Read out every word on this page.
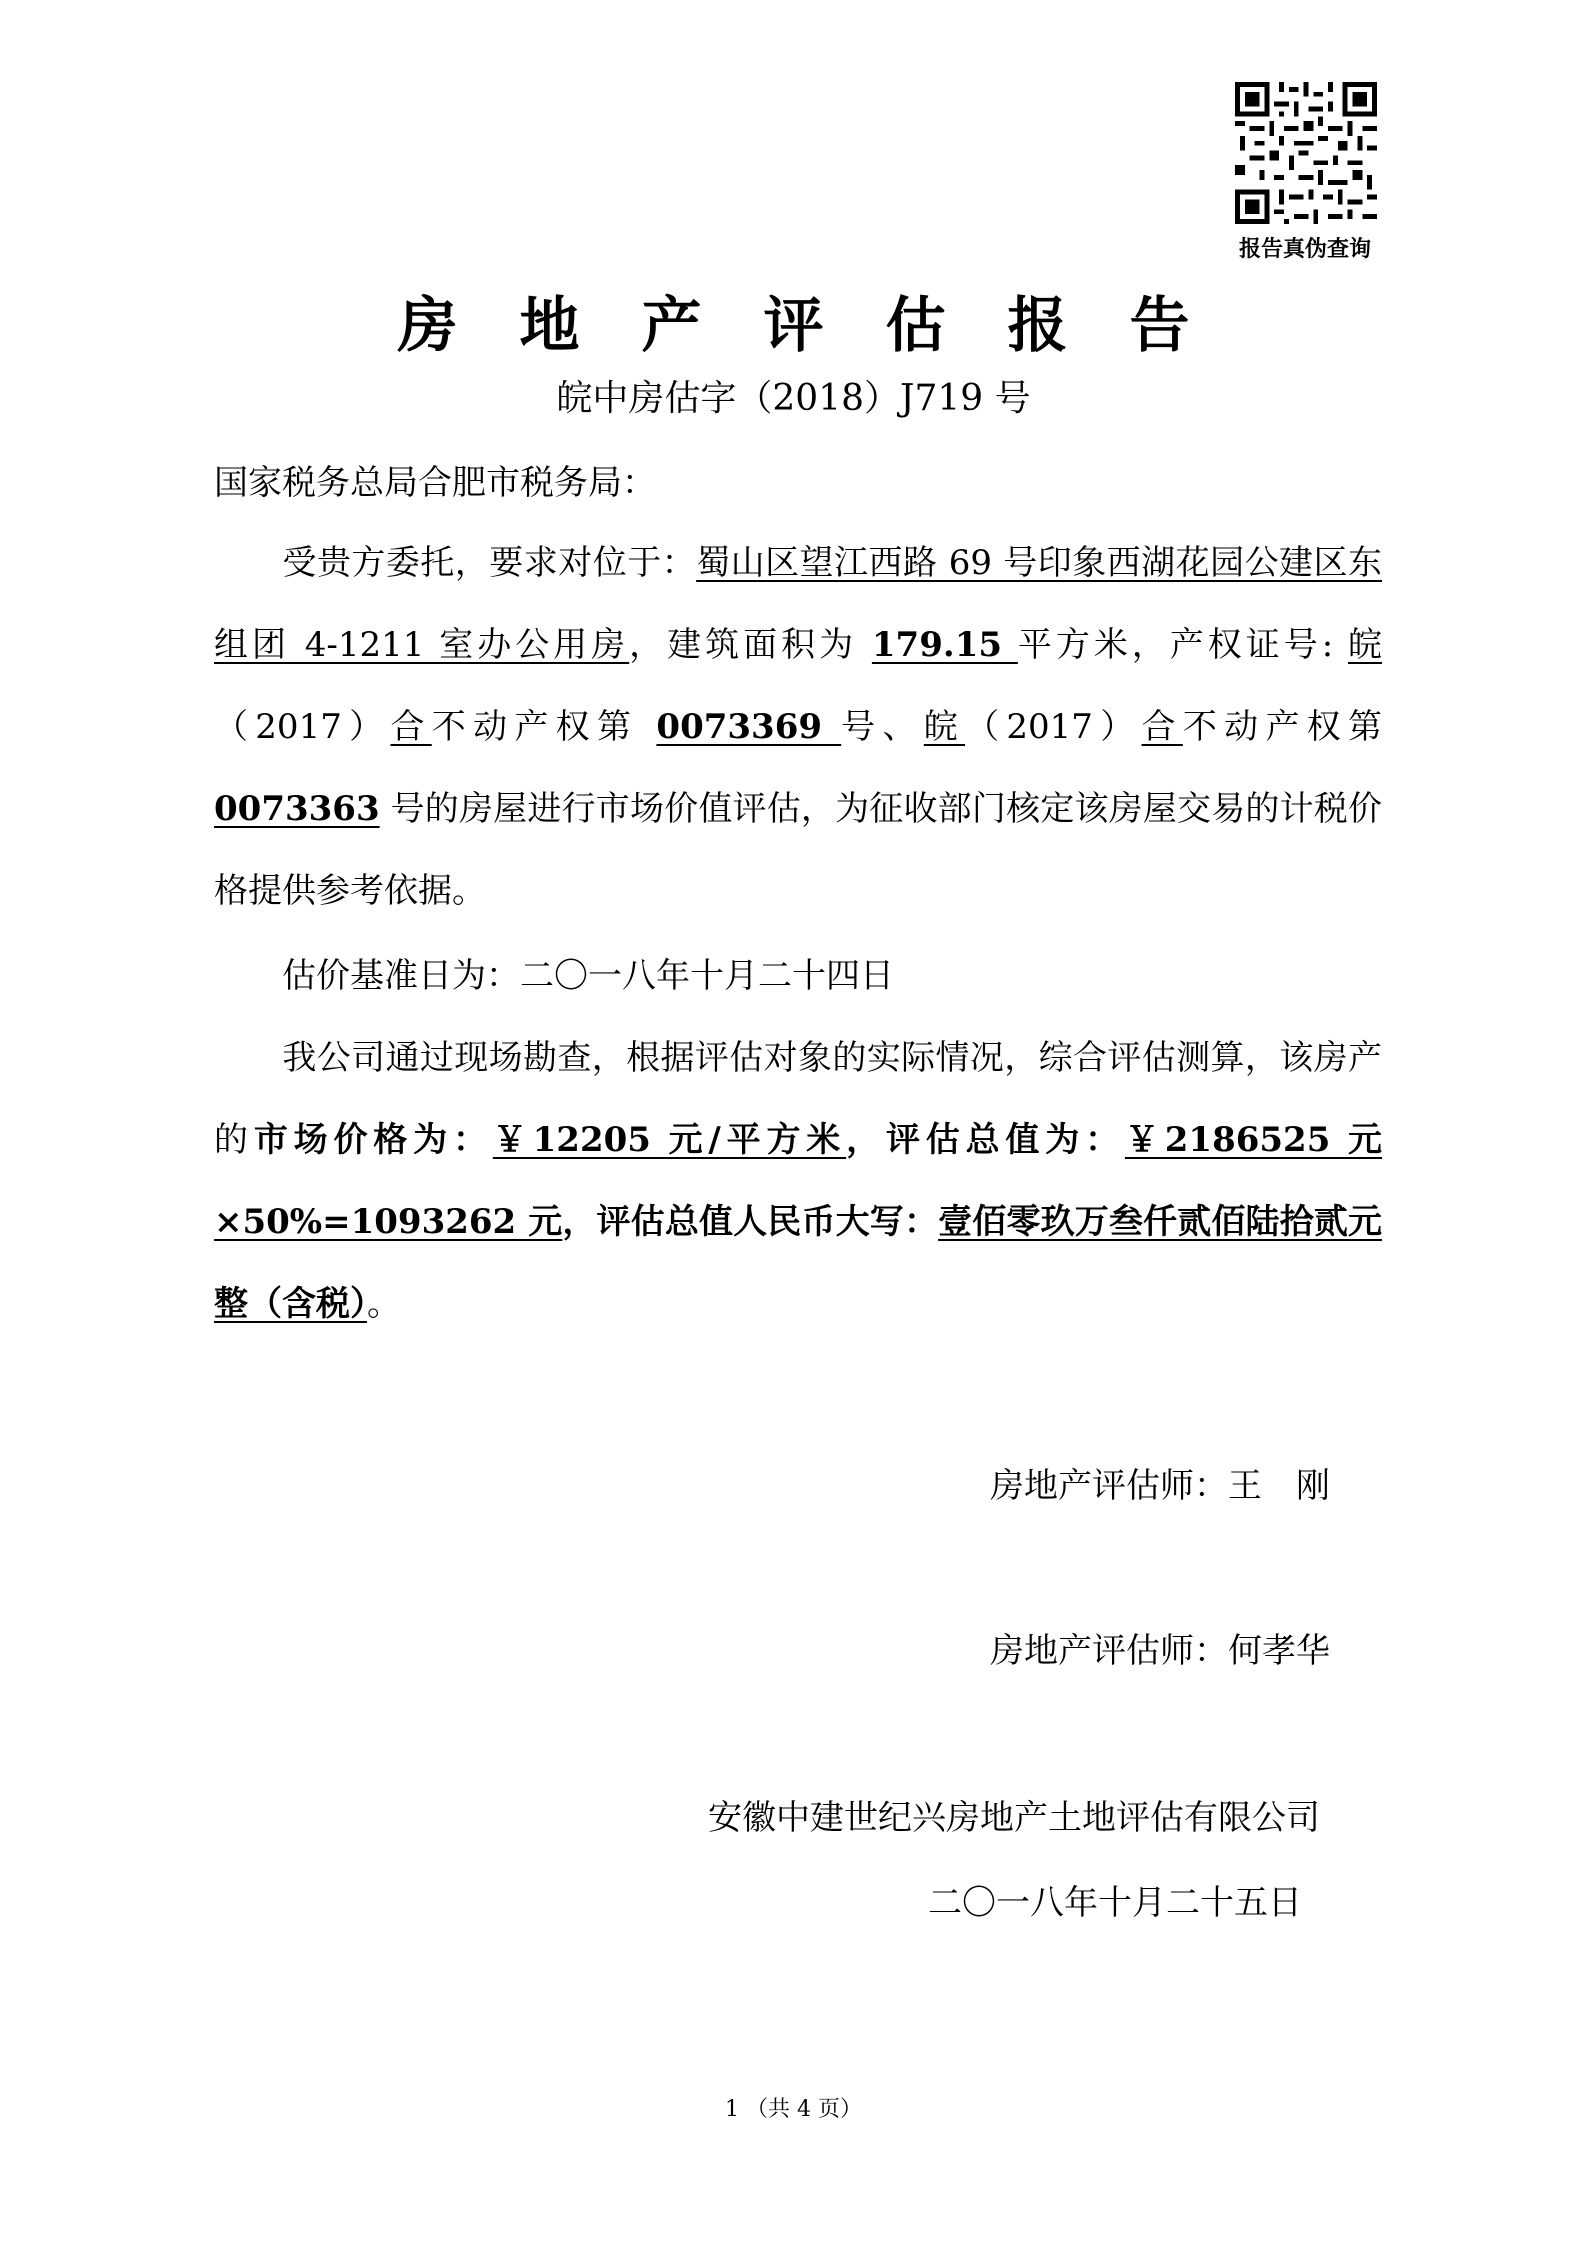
报告真伪查询
房地产评估报告
皖中房估字（2018）J719 号
国家税务总局合肥市税务局：
受贵方委托，要求对位于：蜀山区望江西路 69 号印象西湖花园公建区东组团 4-1211 室办公用房，建筑面积为 179.15 平方米，产权证号: 皖（2017）合不动产权第 0073369 号、皖（2017）合不动产权第 0073363 号的房屋进行市场价值评估，为征收部门核定该房屋交易的计税价格提供参考依据。
估价基准日为：二〇一八年十月二十四日
我公司通过现场勘查，根据评估对象的实际情况，综合评估测算，该房产的市场价格为：￥12205 元/平方米，评估总值为：￥2186525 元×50%=1093262 元，评估总值人民币大写：壹佰零玖万叁仟贰佰陆拾贰元整（含税）。
房地产评估师：王　刚
房地产评估师：何孝华
安徽中建世纪兴房地产土地评估有限公司
二〇一八年十月二十五日
1 （共 4 页）
